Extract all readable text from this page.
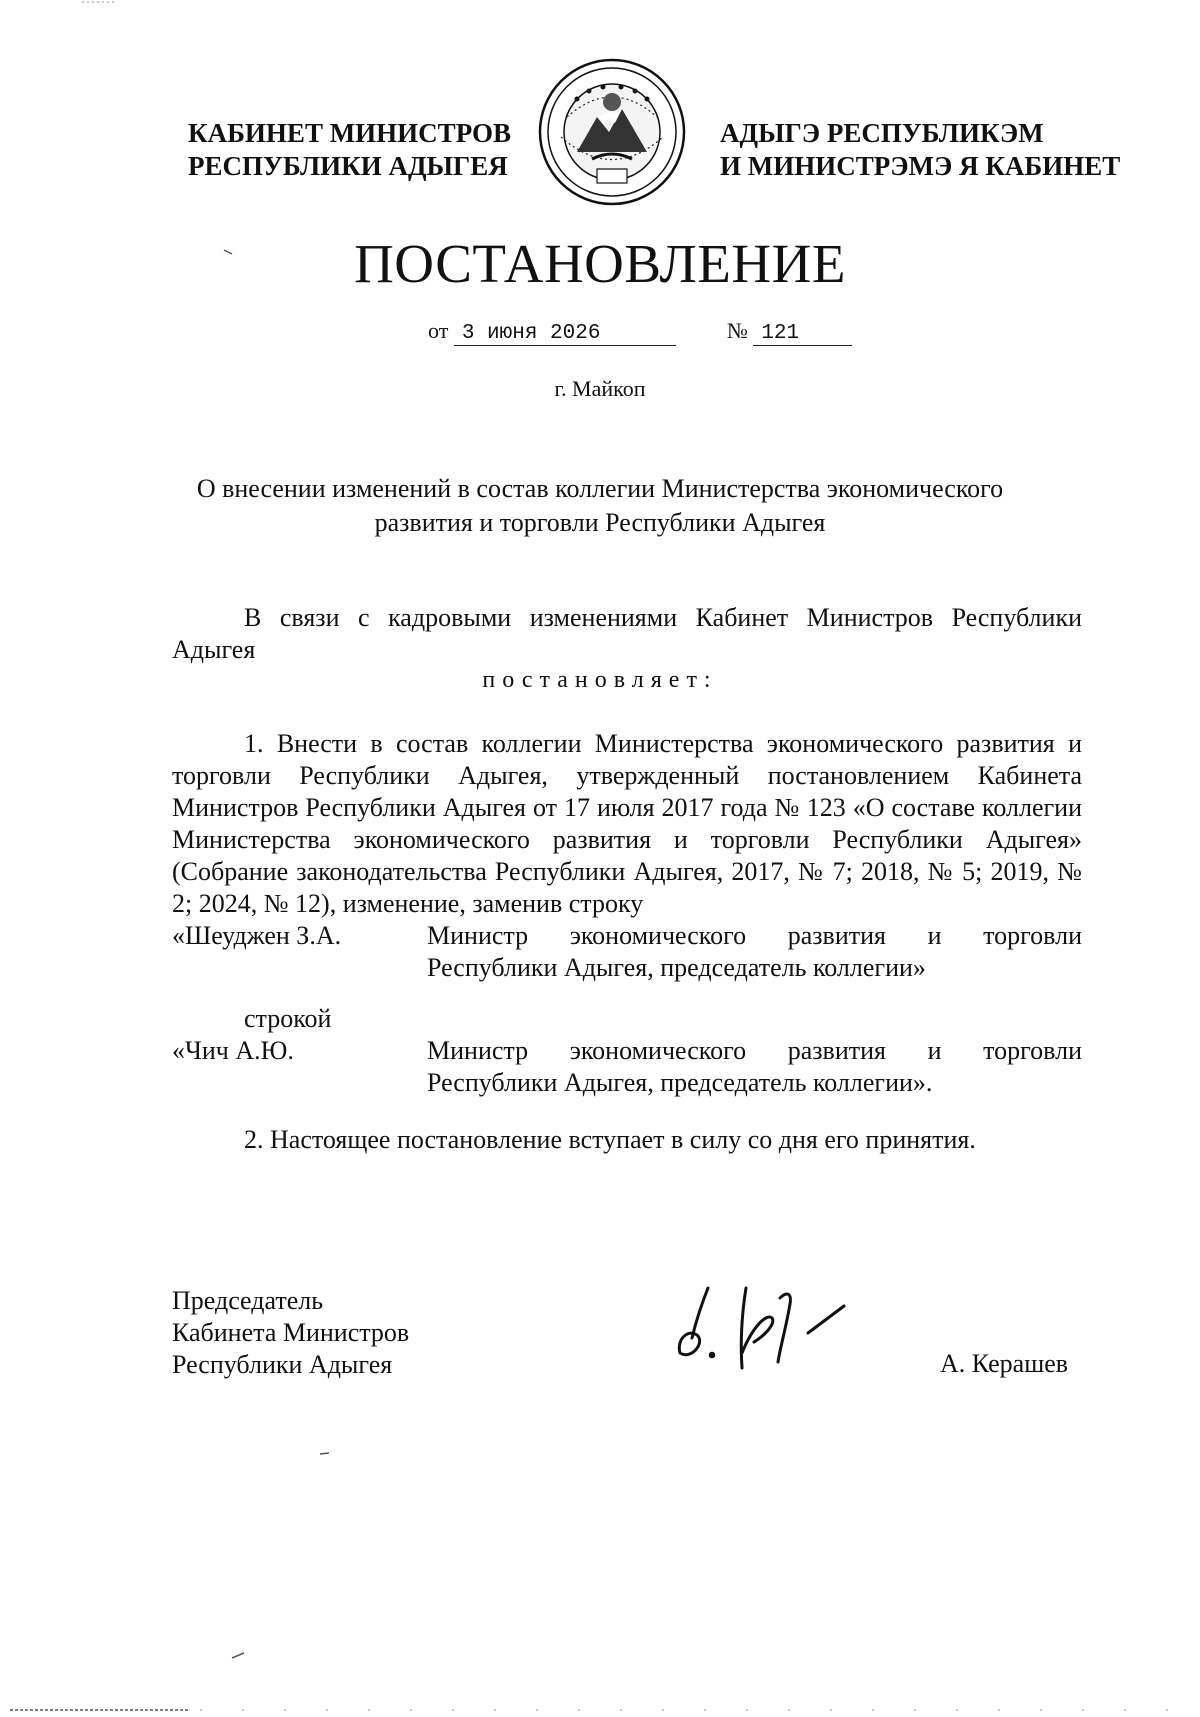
КАБИНЕТ МИНИСТРОВ
РЕСПУБЛИКИ АДЫГЕЯ
АДЫГЭ РЕСПУБЛИКЭМ
И МИНИСТРЭМЭ Я КАБИНЕТ
ПОСТАНОВЛЕНИЕ
от 3 июня 2026	№ 121
г. Майкоп
О внесении изменений в состав коллегии Министерства экономического развития и торговли Республики Адыгея
В связи с кадровыми изменениями Кабинет Министров Республики Адыгея
постановляет:
1. Внести в состав коллегии Министерства экономического развития и торговли Республики Адыгея, утвержденный постановлением Кабинета Министров Республики Адыгея от 17 июля 2017 года № 123 «О составе коллегии Министерства экономического развития и торговли Республики Адыгея» (Собрание законодательства Республики Адыгея, 2017, № 7; 2018, № 5; 2019, № 2; 2024, № 12), изменение, заменив строку
«Шеуджен З.А.	Министр экономического развития и торговли
Республики Адыгея, председатель коллегии»
строкой
«Чич А.Ю.	Министр экономического развития и торговли
Республики Адыгея, председатель коллегии».
2. Настоящее постановление вступает в силу со дня его принятия.
Председатель
Кабинета Министров
Республики Адыгея	А. Керашев
